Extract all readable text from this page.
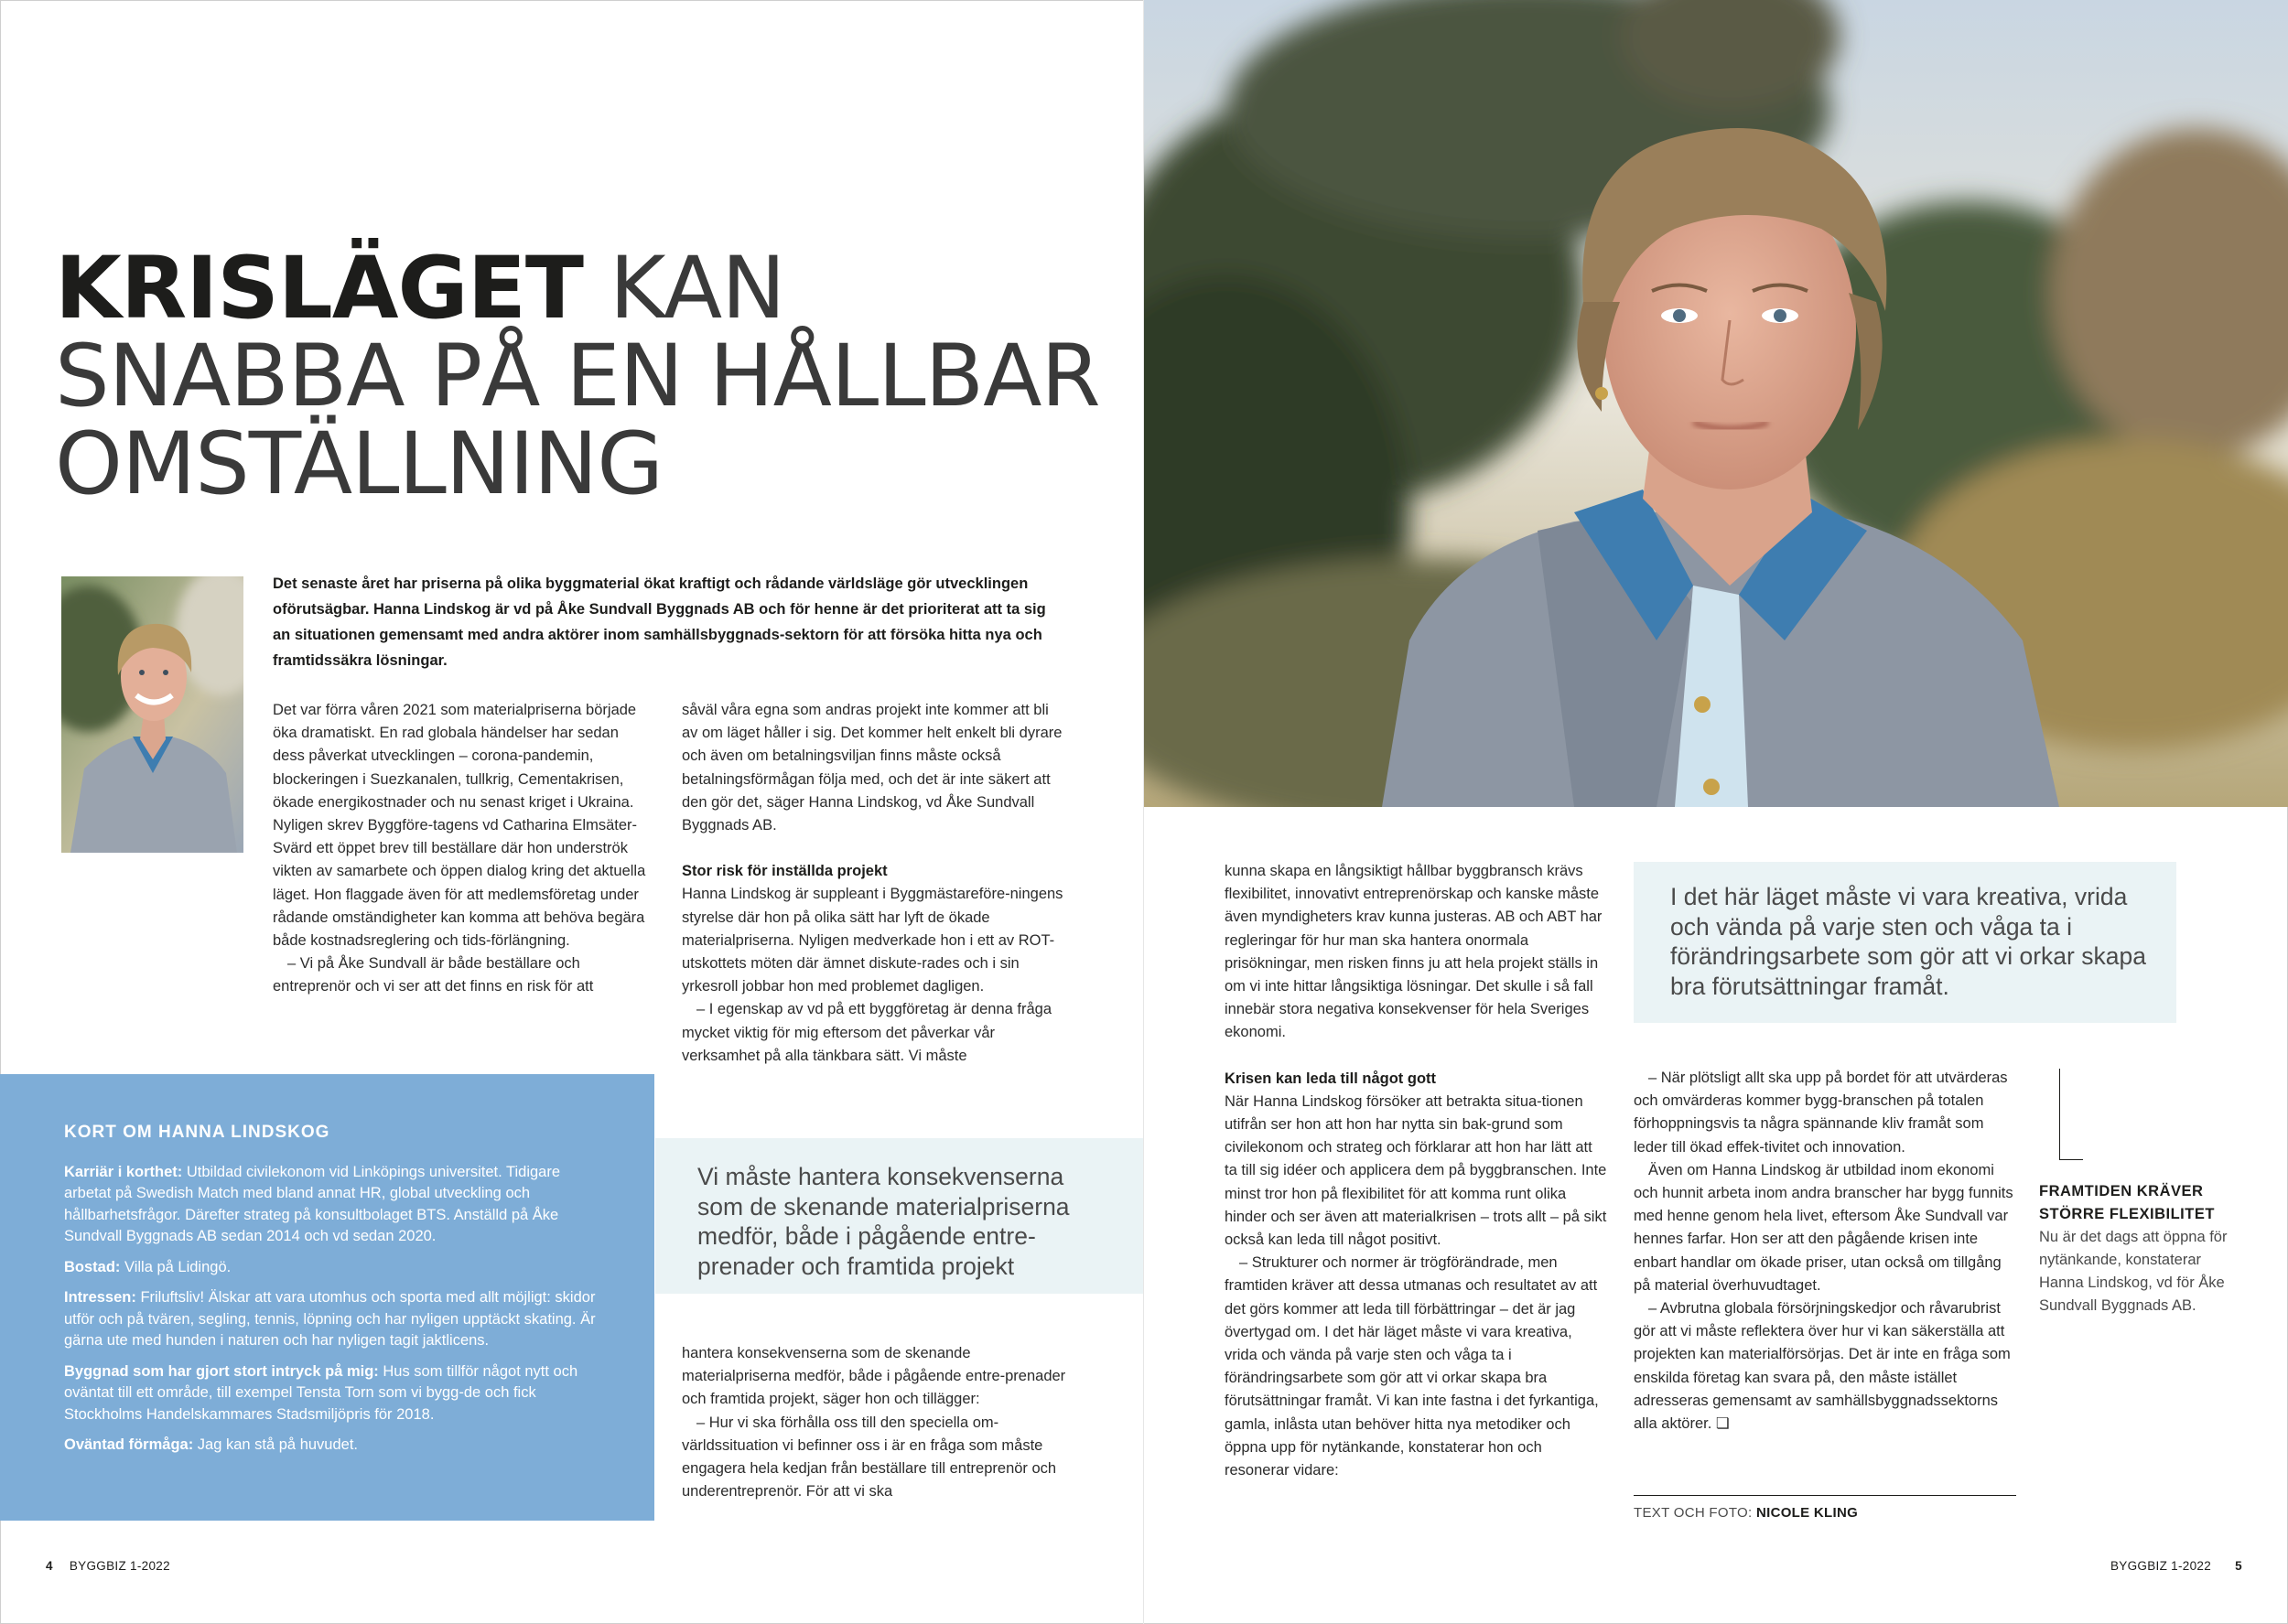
KRISLÄGET KAN
SNABBA PÅ EN HÅLLBAR
OMSTÄLLNING

Det senaste året har priserna på olika byggmaterial ökat kraftigt och rådande världsläge gör utvecklingen oförutsägbar. Hanna Lindskog är vd på Åke Sundvall Byggnads AB och för henne är det prioriterat att ta sig an situationen gemensamt med andra aktörer inom samhällsbyggnads-sektorn för att försöka hitta nya och framtidssäkra lösningar.

Det var förra våren 2021 som materialpriserna började öka dramatiskt. En rad globala händelser har sedan dess påverkat utvecklingen – corona-pandemin, blockeringen i Suezkanalen, tullkrig, Cementakrisen, ökade energikostnader och nu senast kriget i Ukraina. Nyligen skrev Byggföre-tagens vd Catharina Elmsäter-Svärd ett öppet brev till beställare där hon underströk vikten av samarbete och öppen dialog kring det aktuella läget. Hon flaggade även för att medlemsföretag under rådande omständigheter kan komma att behöva begära både kostnadsreglering och tids-förlängning.

– Vi på Åke Sundvall är både beställare och entreprenör och vi ser att det finns en risk för att

såväl våra egna som andras projekt inte kommer att bli av om läget håller i sig. Det kommer helt enkelt bli dyrare och även om betalningsviljan finns måste också betalningsförmågan följa med, och det är inte säkert att den gör det, säger Hanna Lindskog, vd Åke Sundvall Byggnads AB.

Stor risk för inställda projekt

Hanna Lindskog är suppleant i Byggmästareföre-ningens styrelse där hon på olika sätt har lyft de ökade materialpriserna. Nyligen medverkade hon i ett av ROT-utskottets möten där ämnet diskute-rades och i sin yrkesroll jobbar hon med problemet dagligen.

– I egenskap av vd på ett byggföretag är denna fråga mycket viktig för mig eftersom det påverkar vår verksamhet på alla tänkbara sätt. Vi måste

KORT OM HANNA LINDSKOG

Karriär i korthet: Utbildad civilekonom vid Linköpings universitet. Tidigare arbetat på Swedish Match med bland annat HR, global utveckling och hållbarhetsfrågor. Därefter strateg på konsultbolaget BTS. Anställd på Åke Sundvall Byggnads AB sedan 2014 och vd sedan 2020.

Bostad: Villa på Lidingö.

Intressen: Friluftsliv! Älskar att vara utomhus och sporta med allt möjligt: skidor utför och på tvären, segling, tennis, löpning och har nyligen upptäckt skating. Är gärna ute med hunden i naturen och har nyligen tagit jaktlicens.

Byggnad som har gjort stort intryck på mig: Hus som tillför något nytt och oväntat till ett område, till exempel Tensta Torn som vi bygg-de och fick Stockholms Handelskammares Stadsmiljöpris för 2018.

Oväntad förmåga: Jag kan stå på huvudet.

Vi måste hantera konsekvenserna som de skenande materialpriserna medför, både i pågående entre-prenader och framtida projekt

hantera konsekvenserna som de skenande materialpriserna medför, både i pågående entre-prenader och framtida projekt, säger hon och tillägger:

– Hur vi ska förhålla oss till den speciella om-världssituation vi befinner oss i är en fråga som måste engagera hela kedjan från beställare till entreprenör och underentreprenör. För att vi ska

kunna skapa en långsiktigt hållbar byggbransch krävs flexibilitet, innovativt entreprenörskap och kanske måste även myndigheters krav kunna justeras. AB och ABT har regleringar för hur man ska hantera onormala prisökningar, men risken finns ju att hela projekt ställs in om vi inte hittar långsiktiga lösningar. Det skulle i så fall innebär stora negativa konsekvenser för hela Sveriges ekonomi.

Krisen kan leda till något gott

När Hanna Lindskog försöker att betrakta situa-tionen utifrån ser hon att hon har nytta sin bak-grund som civilekonom och strateg och förklarar att hon har lätt att ta till sig idéer och applicera dem på byggbranschen. Inte minst tror hon på flexibilitet för att komma runt olika hinder och ser även att materialkrisen – trots allt – på sikt också kan leda till något positivt.

– Strukturer och normer är trögförändrade, men framtiden kräver att dessa utmanas och resultatet av att det görs kommer att leda till förbättringar – det är jag övertygad om. I det här läget måste vi vara kreativa, vrida och vända på varje sten och våga ta i förändringsarbete som gör att vi orkar skapa bra förutsättningar framåt. Vi kan inte fastna i det fyrkantiga, gamla, inlåsta utan behöver hitta nya metodiker och öppna upp för nytänkande, konstaterar hon och resonerar vidare:

I det här läget måste vi vara kreativa, vrida och vända på varje sten och våga ta i förändringsarbete som gör att vi orkar skapa bra förutsättningar framåt.

– När plötsligt allt ska upp på bordet för att utvärderas och omvärderas kommer bygg-branschen på totalen förhoppningsvis ta några spännande kliv framåt som leder till ökad effek-tivitet och innovation.

Även om Hanna Lindskog är utbildad inom ekonomi och hunnit arbeta inom andra branscher har bygg funnits med henne genom hela livet, eftersom Åke Sundvall var hennes farfar. Hon ser att den pågående krisen inte enbart handlar om ökade priser, utan också om tillgång på material överhuvudtaget.

– Avbrutna globala försörjningskedjor och råvarubrist gör att vi måste reflektera över hur vi kan säkerställa att projekten kan materialförsörjas. Det är inte en fråga som enskilda företag kan svara på, den måste istället adresseras gemensamt av samhällsbyggnadssektorns alla aktörer. ❏

FRAMTIDEN KRÄVER STÖRRE FLEXIBILITET
Nu är det dags att öppna för nytänkande, konstaterar Hanna Lindskog, vd för Åke Sundvall Byggnads AB.
TEXT OCH FOTO: NICOLE KLING
4 BYGGBIZ 1-2022	BYGGBIZ 1-2022 5
